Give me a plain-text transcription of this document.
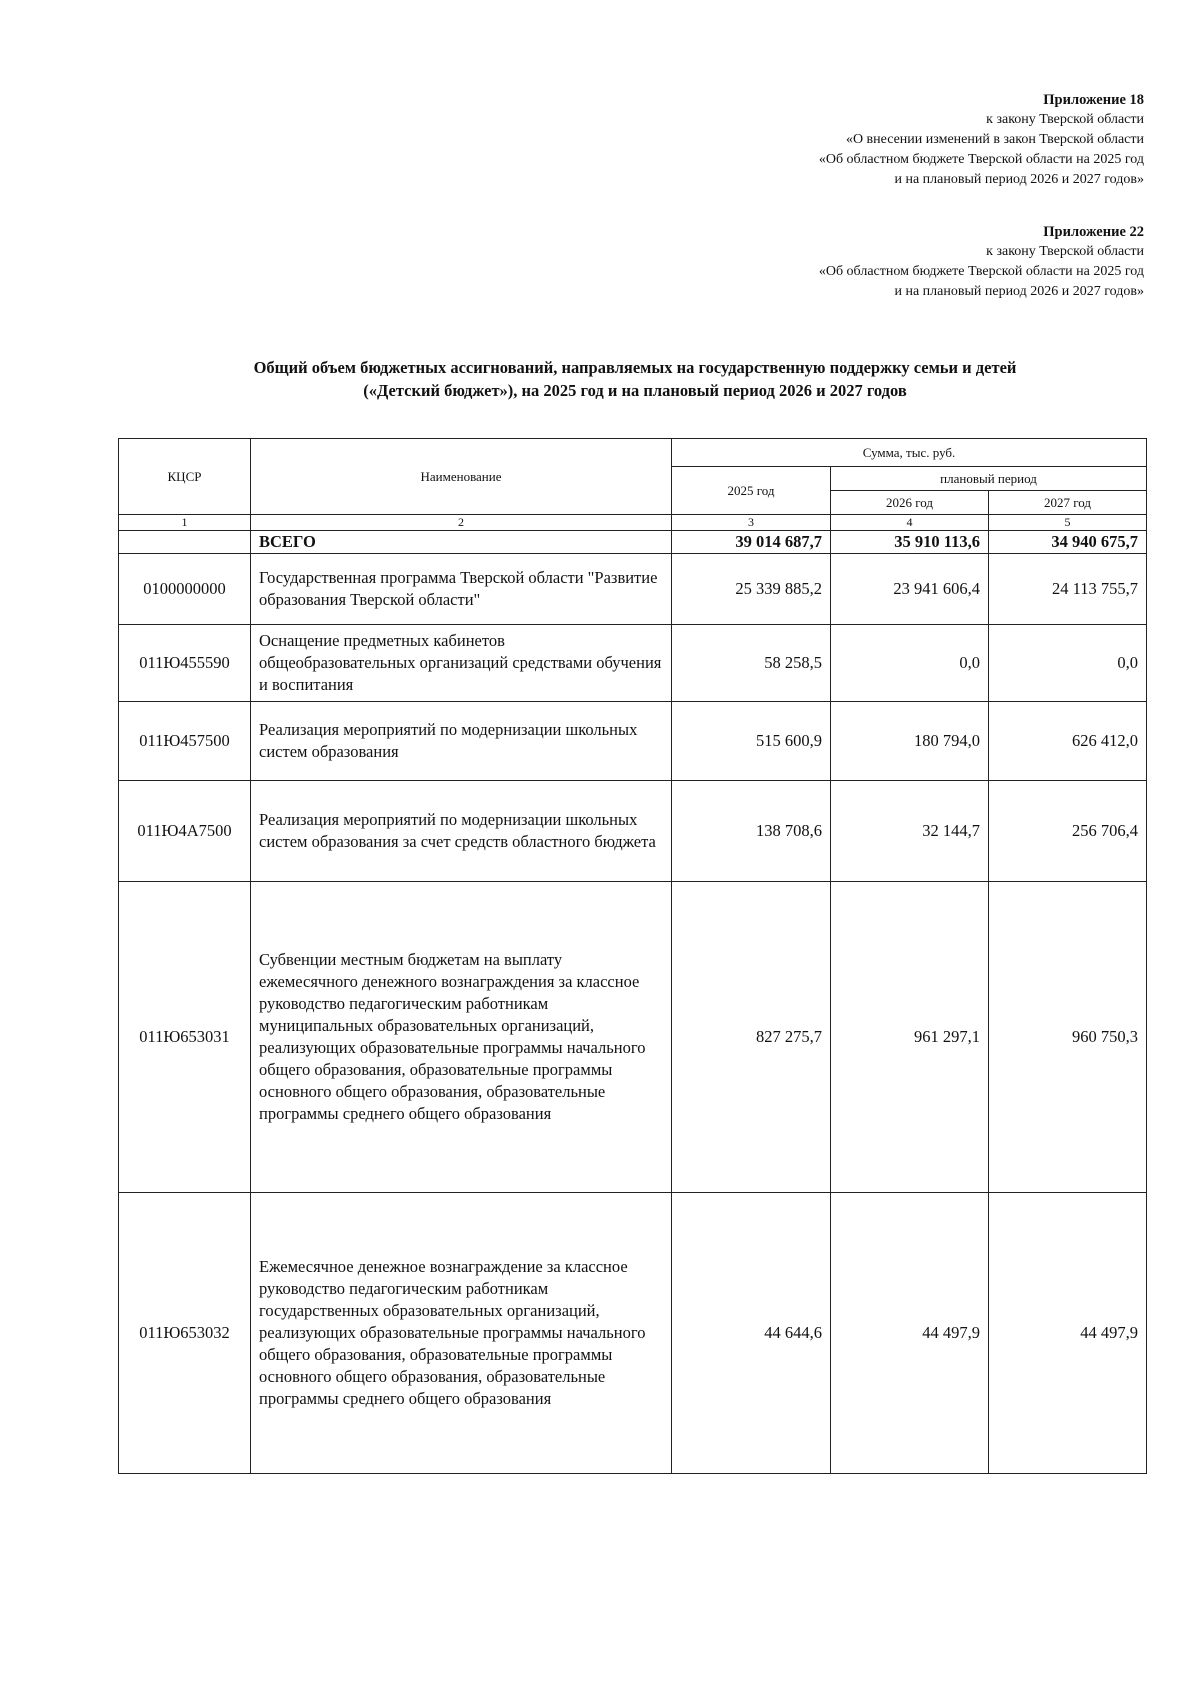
Приложение 18
к закону Тверской области
«О внесении изменений в закон Тверской области
«Об областном бюджете Тверской области на 2025 год
и на плановый период 2026 и 2027 годов»
Приложение 22
к закону Тверской области
«Об областном бюджете Тверской области на 2025 год
и на плановый период 2026 и 2027 годов»
Общий объем бюджетных ассигнований, направляемых на государственную поддержку семьи и детей
(«Детский бюджет»), на 2025 год и на плановый период 2026 и 2027 годов
КЦСР	Наименование	Сумма, тыс. руб.		
		2025 год	плановый период	
			2026 год	2027 год
1	2	3	4	5
	ВСЕГО	39 014 687,7	35 910 113,6	34 940 675,7
0100000000	Государственная программа Тверской области "Развитие образования Тверской области"	25 339 885,2	23 941 606,4	24 113 755,7
011Ю455590	Оснащение предметных кабинетов общеобразовательных организаций средствами обучения и воспитания	58 258,5	0,0	0,0
011Ю457500	Реализация мероприятий по модернизации школьных систем образования	515 600,9	180 794,0	626 412,0
011Ю4А7500	Реализация мероприятий по модернизации школьных систем образования за счет средств областного бюджета	138 708,6	32 144,7	256 706,4
011Ю653031	Субвенции местным бюджетам на выплату ежемесячного денежного вознаграждения за классное руководство педагогическим работникам муниципальных образовательных организаций, реализующих образовательные программы начального общего образования, образовательные программы основного общего образования, образовательные программы среднего общего образования	827 275,7	961 297,1	960 750,3
011Ю653032	Ежемесячное денежное вознаграждение за классное руководство педагогическим работникам государственных образовательных организаций, реализующих образовательные программы начального общего образования, образовательные программы основного общего образования, образовательные программы среднего общего образования	44 644,6	44 497,9	44 497,9
